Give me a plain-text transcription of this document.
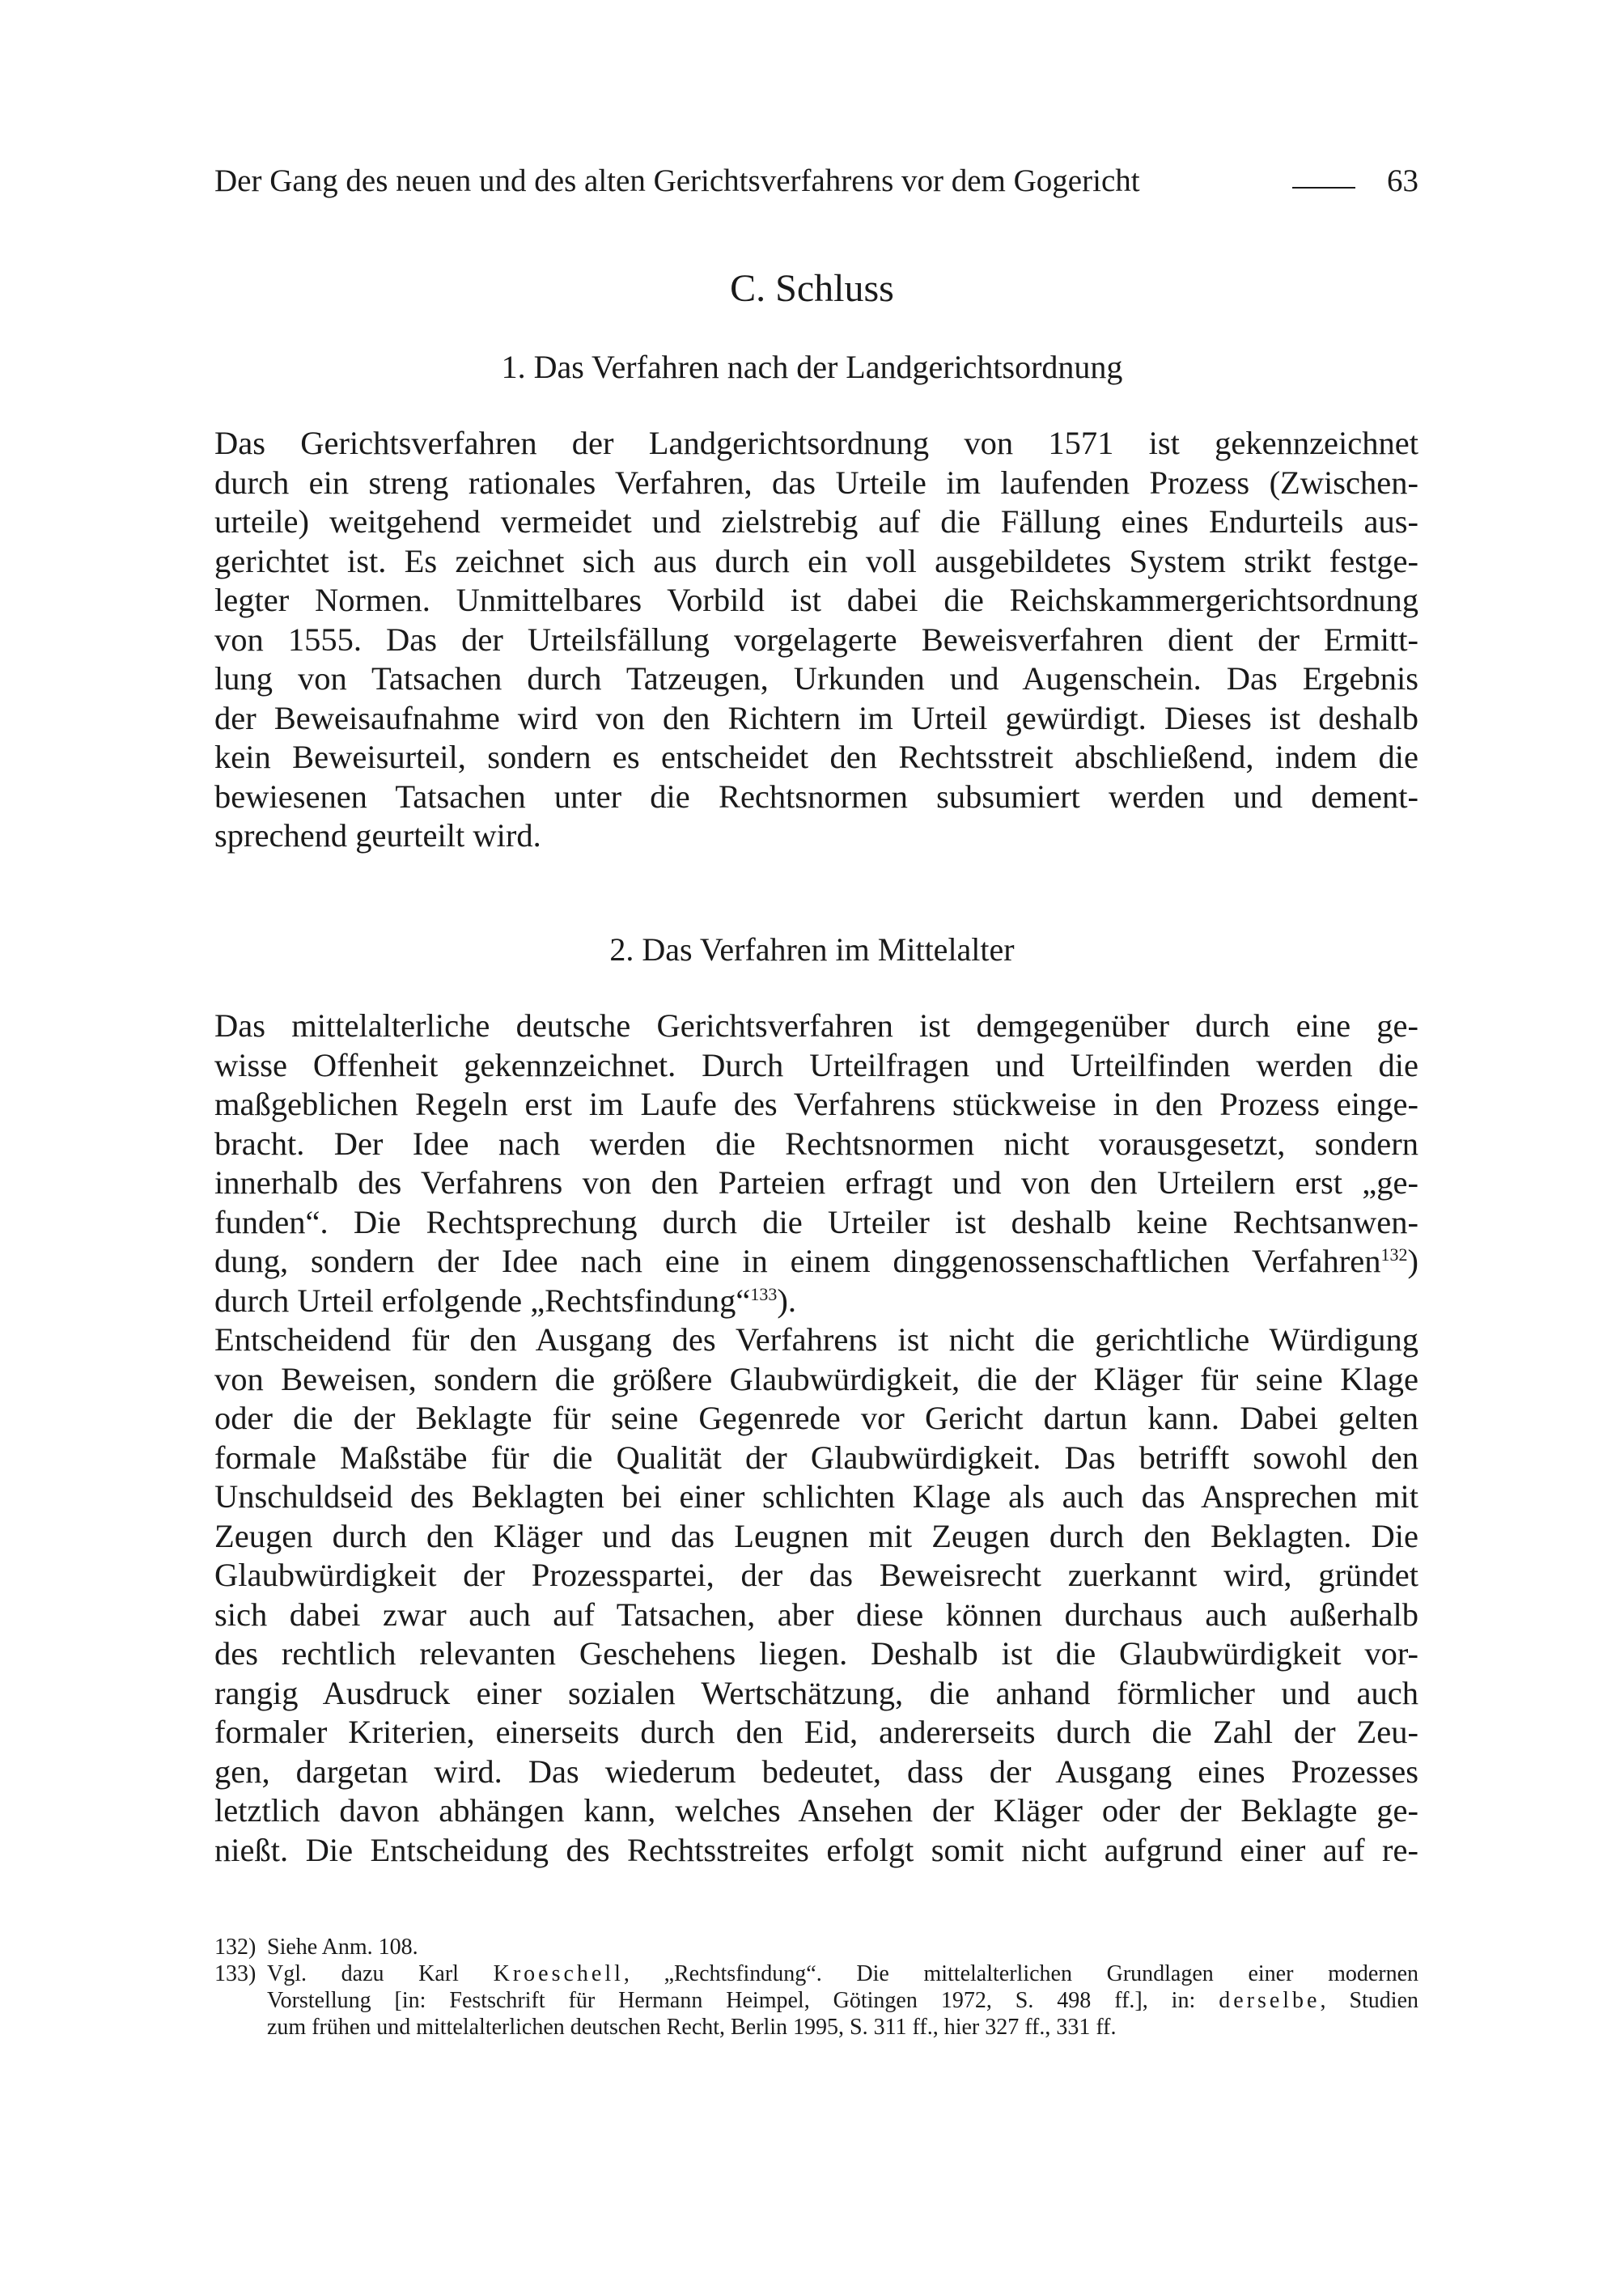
Der Gang des neuen und des alten Gerichtsverfahrens vor dem Gogericht	63
C. Schluss
1. Das Verfahren nach der Landgerichtsordnung
Das Gerichtsverfahren der Landgerichtsordnung von 1571 ist gekennzeichnet
durch ein streng rationales Verfahren, das Urteile im laufenden Prozess (Zwischen-
urteile) weitgehend vermeidet und zielstrebig auf die Fällung eines Endurteils aus-
gerichtet ist. Es zeichnet sich aus durch ein voll ausgebildetes System strikt festge-
legter Normen. Unmittelbares Vorbild ist dabei die Reichskammergerichtsordnung
von 1555. Das der Urteilsfällung vorgelagerte Beweisverfahren dient der Ermitt-
lung von Tatsachen durch Tatzeugen, Urkunden und Augenschein. Das Ergebnis
der Beweisaufnahme wird von den Richtern im Urteil gewürdigt. Dieses ist deshalb
kein Beweisurteil, sondern es entscheidet den Rechtsstreit abschließend, indem die
bewiesenen Tatsachen unter die Rechtsnormen subsumiert werden und dement-
sprechend geurteilt wird.
2. Das Verfahren im Mittelalter
Das mittelalterliche deutsche Gerichtsverfahren ist demgegenüber durch eine ge-
wisse Offenheit gekennzeichnet. Durch Urteilfragen und Urteilfinden werden die
maßgeblichen Regeln erst im Laufe des Verfahrens stückweise in den Prozess einge-
bracht. Der Idee nach werden die Rechtsnormen nicht vorausgesetzt, sondern
innerhalb des Verfahrens von den Parteien erfragt und von den Urteilern erst „ge-
funden“. Die Rechtsprechung durch die Urteiler ist deshalb keine Rechtsanwen-
dung, sondern der Idee nach eine in einem dinggenossenschaftlichen Verfahren$^{132}$)
durch Urteil erfolgende „Rechtsfindung“$^{133}$).
Entscheidend für den Ausgang des Verfahrens ist nicht die gerichtliche Würdigung
von Beweisen, sondern die größere Glaubwürdigkeit, die der Kläger für seine Klage
oder die der Beklagte für seine Gegenrede vor Gericht dartun kann. Dabei gelten
formale Maßstäbe für die Qualität der Glaubwürdigkeit. Das betrifft sowohl den
Unschuldseid des Beklagten bei einer schlichten Klage als auch das Ansprechen mit
Zeugen durch den Kläger und das Leugnen mit Zeugen durch den Beklagten. Die
Glaubwürdigkeit der Prozesspartei, der das Beweisrecht zuerkannt wird, gründet
sich dabei zwar auch auf Tatsachen, aber diese können durchaus auch außerhalb
des rechtlich relevanten Geschehens liegen. Deshalb ist die Glaubwürdigkeit vor-
rangig Ausdruck einer sozialen Wertschätzung, die anhand förmlicher und auch
formaler Kriterien, einerseits durch den Eid, andererseits durch die Zahl der Zeu-
gen, dargetan wird. Das wiederum bedeutet, dass der Ausgang eines Prozesses
letztlich davon abhängen kann, welches Ansehen der Kläger oder der Beklagte ge-
nießt. Die Entscheidung des Rechtsstreites erfolgt somit nicht aufgrund einer auf re-
132) Siehe Anm. 108.
133) Vgl. dazu Karl Kroeschell, „Rechtsfindung“. Die mittelalterlichen Grundlagen einer modernen
Vorstellung [in: Festschrift für Hermann Heimpel, Götingen 1972, S. 498 ff.], in: derselbe, Studien
zum frühen und mittelalterlichen deutschen Recht, Berlin 1995, S. 311 ff., hier 327 ff., 331 ff.
